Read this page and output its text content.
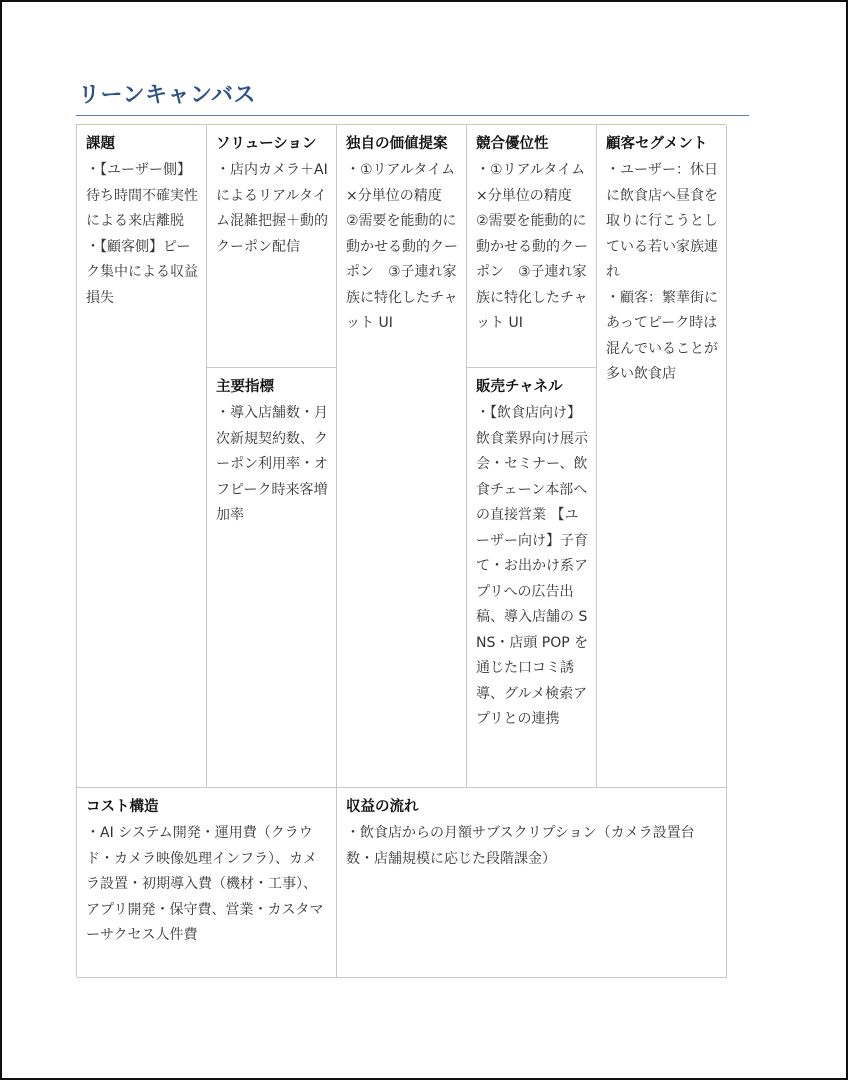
リーンキャンバス
課題

・【ユーザー側】待ち時間不確実性による来店離脱
・【顧客側】ピーク集中による収益損失

ソリューション

・店内カメラ＋AI によるリアルタイム混雑把握＋動的クーポン配信

主要指標

・導入店舗数・月次新規契約数、クーポン利用率・オフピーク時来客増加率

独自の価値提案

・①リアルタイム×分単位の精度　②需要を能動的に動かせる動的クーポン　③子連れ家族に特化したチャット UI

競合優位性

・①リアルタイム×分単位の精度　②需要を能動的に動かせる動的クーポン　③子連れ家族に特化したチャット UI

販売チャネル

・【飲食店向け】飲食業界向け展示会・セミナー、飲食チェーン本部への直接営業 【ユーザー向け】子育て・お出かけ系アプリへの広告出稿、導入店舗の SNS・店頭 POP を通じた口コミ誘導、グルメ検索アプリとの連携

顧客セグメント

・ユーザー：休日に飲食店へ昼食を取りに行こうとしている若い家族連れ
・顧客：繁華街にあってピーク時は混んでいることが多い飲食店

コスト構造

・AI システム開発・運用費（クラウド・カメラ映像処理インフラ）、カメラ設置・初期導入費（機材・工事）、アプリ開発・保守費、営業・カスタマーサクセス人件費

収益の流れ

・飲食店からの月額サブスクリプション（カメラ設置台数・店舗規模に応じた段階課金）
